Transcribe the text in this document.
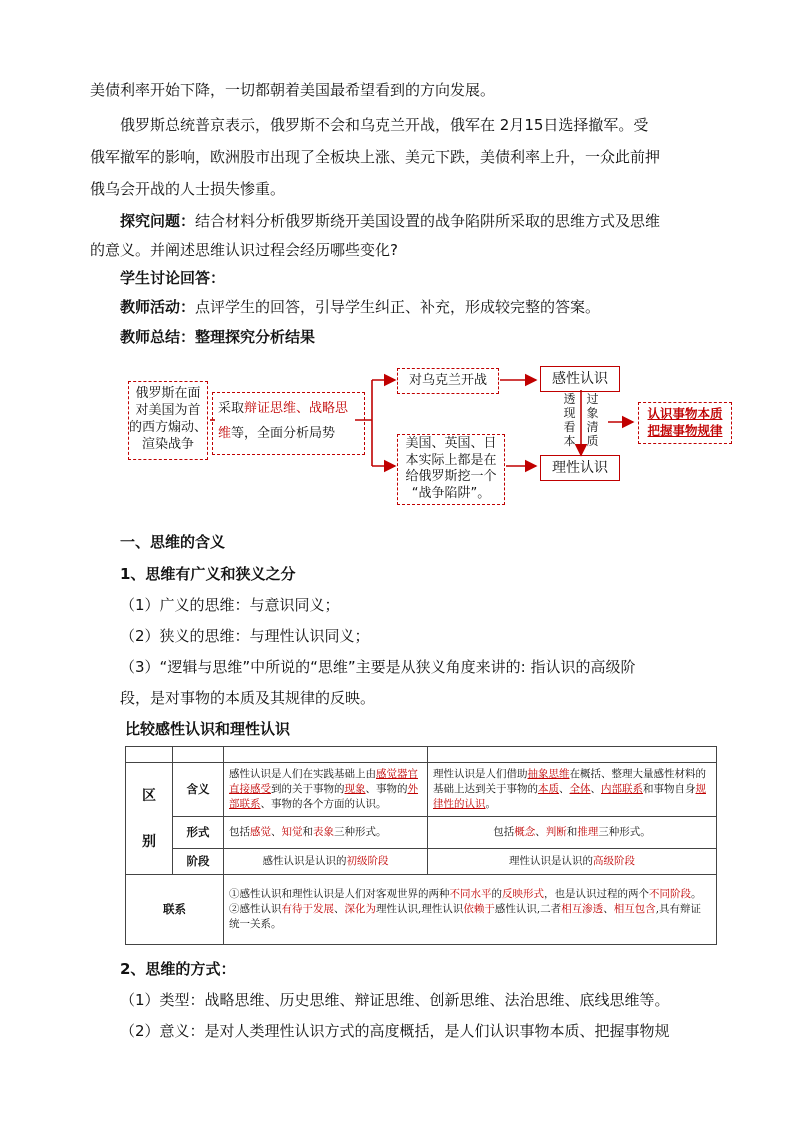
美债利率开始下降，一切都朝着美国最希望看到的方向发展。
俄罗斯总统普京表示，俄罗斯不会和乌克兰开战，俄军在 2月15日选择撤军。受
俄军撤军的影响，欧洲股市出现了全板块上涨、美元下跌，美债利率上升，一众此前押
俄乌会开战的人士损失惨重。
探究问题：结合材料分析俄罗斯绕开美国设置的战争陷阱所采取的思维方式及思维
的意义。并阐述思维认识过程会经历哪些变化?
学生讨论回答：
教师活动：点评学生的回答，引导学生纠正、补充，形成较完整的答案。
教师总结：整理探究分析结果
俄罗斯在面
对美国为首
的西方煽动、
渲染战争
采取辩证思维、战略思
维等，全面分析局势
对乌克兰开战
美国、英国、日
本实际上都是在
给俄罗斯挖一个
“战争陷阱”。
感性认识
理性认识
透
现
看
本
过
象
清
质
认识事物本质
把握事物规律
一、思维的含义
1、思维有广义和狭义之分
（1）广义的思维：与意识同义；
（2）狭义的思维：与理性认识同义；
（3）“逻辑与思维”中所说的“思维”主要是从狭义角度来讲的: 指认识的高级阶
段，是对事物的本质及其规律的反映。
比较感性认识和理性认识

区
别	含义	感性认识是人们在实践基础上由感觉器官直接感受到的关于事物的现象、事物的外部联系、事物的各个方面的认识。	理性认识是人们借助抽象思维在概括、整理大量感性材料的基础上达到关于事物的本质、全体、内部联系和事物自身规律性的认识。
	形式	包括感觉、知觉和表象三种形式。	包括概念、判断和推理三种形式。
	阶段	感性认识是认识的初级阶段	理性认识是认识的高级阶段
联系		①感性认识和理性认识是人们对客观世界的两种不同水平的反映形式，也是认识过程的两个不同阶段。
②感性认识有待于发展、深化为理性认识,理性认识依赖于感性认识,二者相互渗透、相互包含,具有辩证统一关系。	
2、思维的方式：
（1）类型：战略思维、历史思维、辩证思维、创新思维、法治思维、底线思维等。
（2）意义：是对人类理性认识方式的高度概括，是人们认识事物本质、把握事物规
